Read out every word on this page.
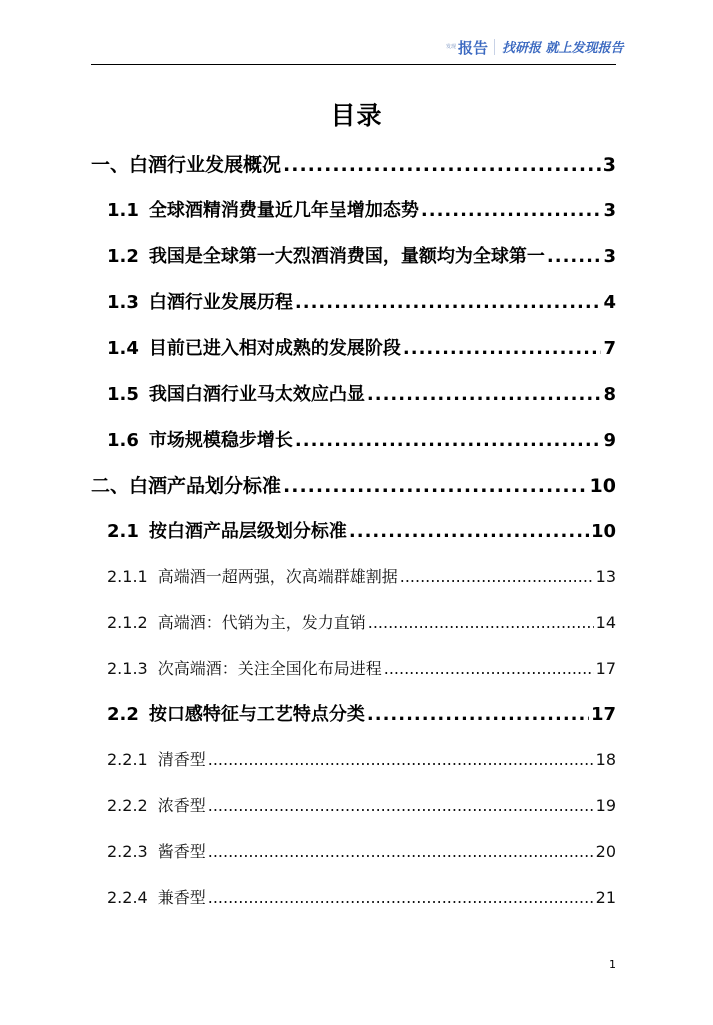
发现 报告 找研报 就上发现报告
目录
一、 白酒行业发展概况 .....	3
1.1 全球酒精消费量近几年呈增加态势 .....	3
1.2 我国是全球第一大烈酒消费国，量额均为全球第一 .....	3
1.3 白酒行业发展历程 .....	4
1.4 目前已进入相对成熟的发展阶段 .....	7
1.5 我国白酒行业马太效应凸显 .....	8
1.6 市场规模稳步增长 .....	9
二、 白酒产品划分标准 .....	10
2.1 按白酒产品层级划分标准 .....	10
2.1.1 高端酒一超两强，次高端群雄割据 .....	13
2.1.2 高端酒：代销为主，发力直销 .....	14
2.1.3 次高端酒：关注全国化布局进程 .....	17
2.2 按口感特征与工艺特点分类 .....	17
2.2.1 清香型 .....	18
2.2.2 浓香型 .....	19
2.2.3 酱香型 .....	20
2.2.4 兼香型 .....	21
1
